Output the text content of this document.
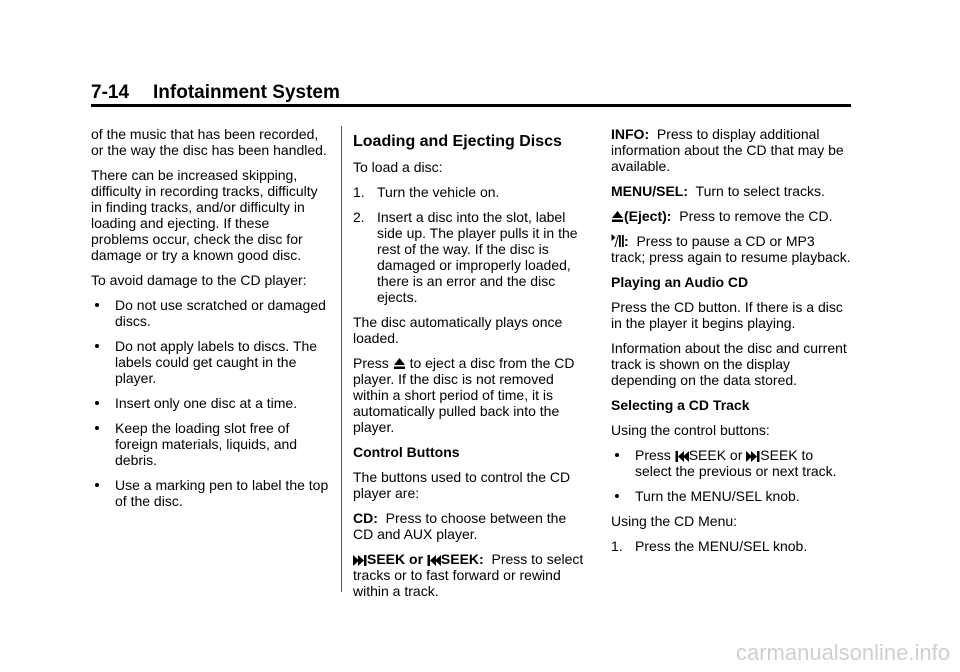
7-14 Infotainment System

of the music that has been recorded, or the way the disc has been handled.

There can be increased skipping, difficulty in recording tracks, difficulty in finding tracks, and/or difficulty in loading and ejecting. If these problems occur, check the disc for damage or try a known good disc.

To avoid damage to the CD player:

Do not use scratched or damaged discs.
Do not apply labels to discs. The labels could get caught in the player.
Insert only one disc at a time.
Keep the loading slot free of foreign materials, liquids, and debris.
Use a marking pen to label the top of the disc.
Loading and Ejecting Discs

To load a disc:

1. Turn the vehicle on.
2. Insert a disc into the slot, label side up. The player pulls it in the rest of the way. If the disc is damaged or improperly loaded, there is an error and the disc ejects.

The disc automatically plays once loaded.

Press to eject a disc from the CD player. If the disc is not removed within a short period of time, it is automatically pulled back into the player.

Control Buttons

The buttons used to control the CD player are:

CD: Press to choose between the CD and AUX player.

SEEK or SEEK: Press to select tracks or to fast forward or rewind within a track.

INFO: Press to display additional information about the CD that may be available.

MENU/SEL: Turn to select tracks.

(Eject): Press to remove the CD.

: Press to pause a CD or MP3 track; press again to resume playback.

Playing an Audio CD

Press the CD button. If there is a disc in the player it begins playing.

Information about the disc and current track is shown on the display depending on the data stored.

Selecting a CD Track

Using the control buttons:

Press SEEK or SEEK to select the previous or next track.
Turn the MENU/SEL knob.

Using the CD Menu:

1. Press the MENU/SEL knob.
carmanualsonline.info
